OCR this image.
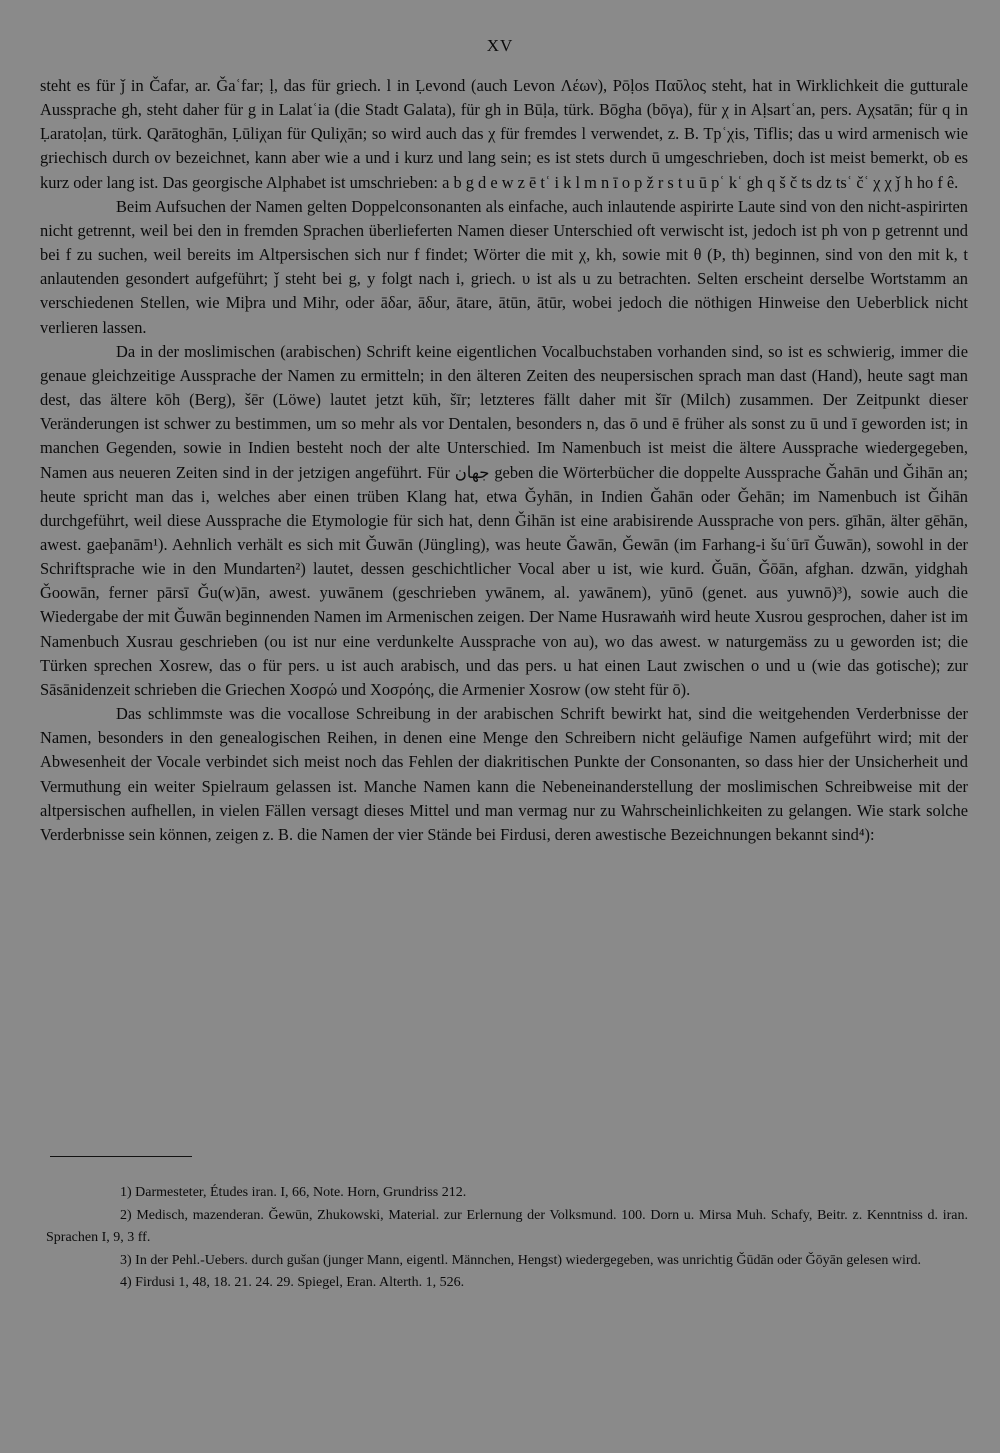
XV

steht es für ǰ in Čafar, ar. Ǧaʿfar; ḷ, das für griech. l in Ḷevond (auch Levon Λέων), Pōḷos Παῦλος steht, hat in Wirklichkeit die gutturale Aussprache gh, steht daher für g in Lalatʿia (die Stadt Galata), für gh in Būḷa, türk. Bōgha (bōγa), für χ in Aḷsartʿan, pers. Aχsatān; für q in Ḷaratoḷan, türk. Qarātoghān, Ḷūliχan für Quliχān; so wird auch das χ für fremdes l verwendet, z. B. Tpʿχis, Tiflis; das u wird armenisch wie griechisch durch ov bezeichnet, kann aber wie a und i kurz und lang sein; es ist stets durch ū umgeschrieben, doch ist meist bemerkt, ob es kurz oder lang ist. Das georgische Alphabet ist umschrieben: a b g d e w z ē tʿ i k l m n ī o p ž r s t u ū pʿ kʿ gh q š č ts dz tsʿ čʿ χ χ ǰ h ho f ê.

Beim Aufsuchen der Namen gelten Doppelconsonanten als einfache, auch inlautende aspirirte Laute sind von den nicht-aspirirten nicht getrennt, weil bei den in fremden Sprachen überlieferten Namen dieser Unterschied oft verwischt ist, jedoch ist ph von p getrennt und bei f zu suchen, weil bereits im Altpersischen sich nur f findet; Wörter die mit χ, kh, sowie mit θ (Þ, th) beginnen, sind von den mit k, t anlautenden gesondert aufgeführt; ǰ steht bei g, y folgt nach i, griech. υ ist als u zu betrachten. Selten erscheint derselbe Wortstamm an verschiedenen Stellen, wie Miþra und Mihr, oder āδar, āδur, ātare, ātūn, ātūr, wobei jedoch die nöthigen Hinweise den Ueberblick nicht verlieren lassen.

Da in der moslimischen (arabischen) Schrift keine eigentlichen Vocalbuchstaben vorhanden sind, so ist es schwierig, immer die genaue gleichzeitige Aussprache der Namen zu ermitteln; in den älteren Zeiten des neupersischen sprach man dast (Hand), heute sagt man dest, das ältere kōh (Berg), šēr (Löwe) lautet jetzt kūh, šīr; letzteres fällt daher mit šīr (Milch) zusammen. Der Zeitpunkt dieser Veränderungen ist schwer zu bestimmen, um so mehr als vor Dentalen, besonders n, das ō und ē früher als sonst zu ū und ī geworden ist; in manchen Gegenden, sowie in Indien besteht noch der alte Unterschied. Im Namenbuch ist meist die ältere Aussprache wiedergegeben, Namen aus neueren Zeiten sind in der jetzigen angeführt. Für جهان geben die Wörterbücher die doppelte Aussprache Ǧahān und Ǧihān an; heute spricht man das i, welches aber einen trüben Klang hat, etwa Ǧyhān, in Indien Ǧahān oder Ǧehān; im Namenbuch ist Ǧihān durchgeführt, weil diese Aussprache die Etymologie für sich hat, denn Ǧihān ist eine arabisirende Aussprache von pers. gīhān, älter gēhān, awest. gaeþanām¹). Aehnlich verhält es sich mit Ǧuwān (Jüngling), was heute Ǧawān, Ǧewān (im Farhang-i šuʿūrī Ǧuwān), sowohl in der Schriftsprache wie in den Mundarten²) lautet, dessen geschichtlicher Vocal aber u ist, wie kurd. Ǧuān, Ǧōān, afghan. dzwān, yidghah Ǧoowān, ferner pārsī Ǧu(w)ān, awest. yuwānem (geschrieben ywānem, al. yawānem), yūnō (genet. aus yuwnō)³), sowie auch die Wiedergabe der mit Ǧuwān beginnenden Namen im Armenischen zeigen. Der Name Husrawaṅh wird heute Xusrou gesprochen, daher ist im Namenbuch Xusrau geschrieben (ou ist nur eine verdunkelte Aussprache von au), wo das awest. w naturgemäss zu u geworden ist; die Türken sprechen Xosrew, das o für pers. u ist auch arabisch, und das pers. u hat einen Laut zwischen o und u (wie das gotische); zur Sāsānidenzeit schrieben die Griechen Χοσρώ und Χοσρόης, die Armenier Xosrow (ow steht für ō).

Das schlimmste was die vocallose Schreibung in der arabischen Schrift bewirkt hat, sind die weitgehenden Verderbnisse der Namen, besonders in den genealogischen Reihen, in denen eine Menge den Schreibern nicht geläufige Namen aufgeführt wird; mit der Abwesenheit der Vocale verbindet sich meist noch das Fehlen der diakritischen Punkte der Consonanten, so dass hier der Unsicherheit und Vermuthung ein weiter Spielraum gelassen ist. Manche Namen kann die Nebeneinanderstellung der moslimischen Schreibweise mit der altpersischen aufhellen, in vielen Fällen versagt dieses Mittel und man vermag nur zu Wahrscheinlichkeiten zu gelangen. Wie stark solche Verderbnisse sein können, zeigen z. B. die Namen der vier Stände bei Firdusi, deren awestische Bezeichnungen bekannt sind⁴):

1) Darmesteter, Études iran. I, 66, Note. Horn, Grundriss 212.

2) Medisch, mazenderan. Ǧewūn, Zhukowski, Material. zur Erlernung der Volksmund. 100. Dorn u. Mirsa Muh. Schafy, Beitr. z. Kenntniss d. iran. Sprachen I, 9, 3 ff.

3) In der Pehl.-Uebers. durch gušan (junger Mann, eigentl. Männchen, Hengst) wiedergegeben, was unrichtig Ǧūdān oder Ǧōyān gelesen wird.

4) Firdusi 1, 48, 18. 21. 24. 29. Spiegel, Eran. Alterth. 1, 526.
